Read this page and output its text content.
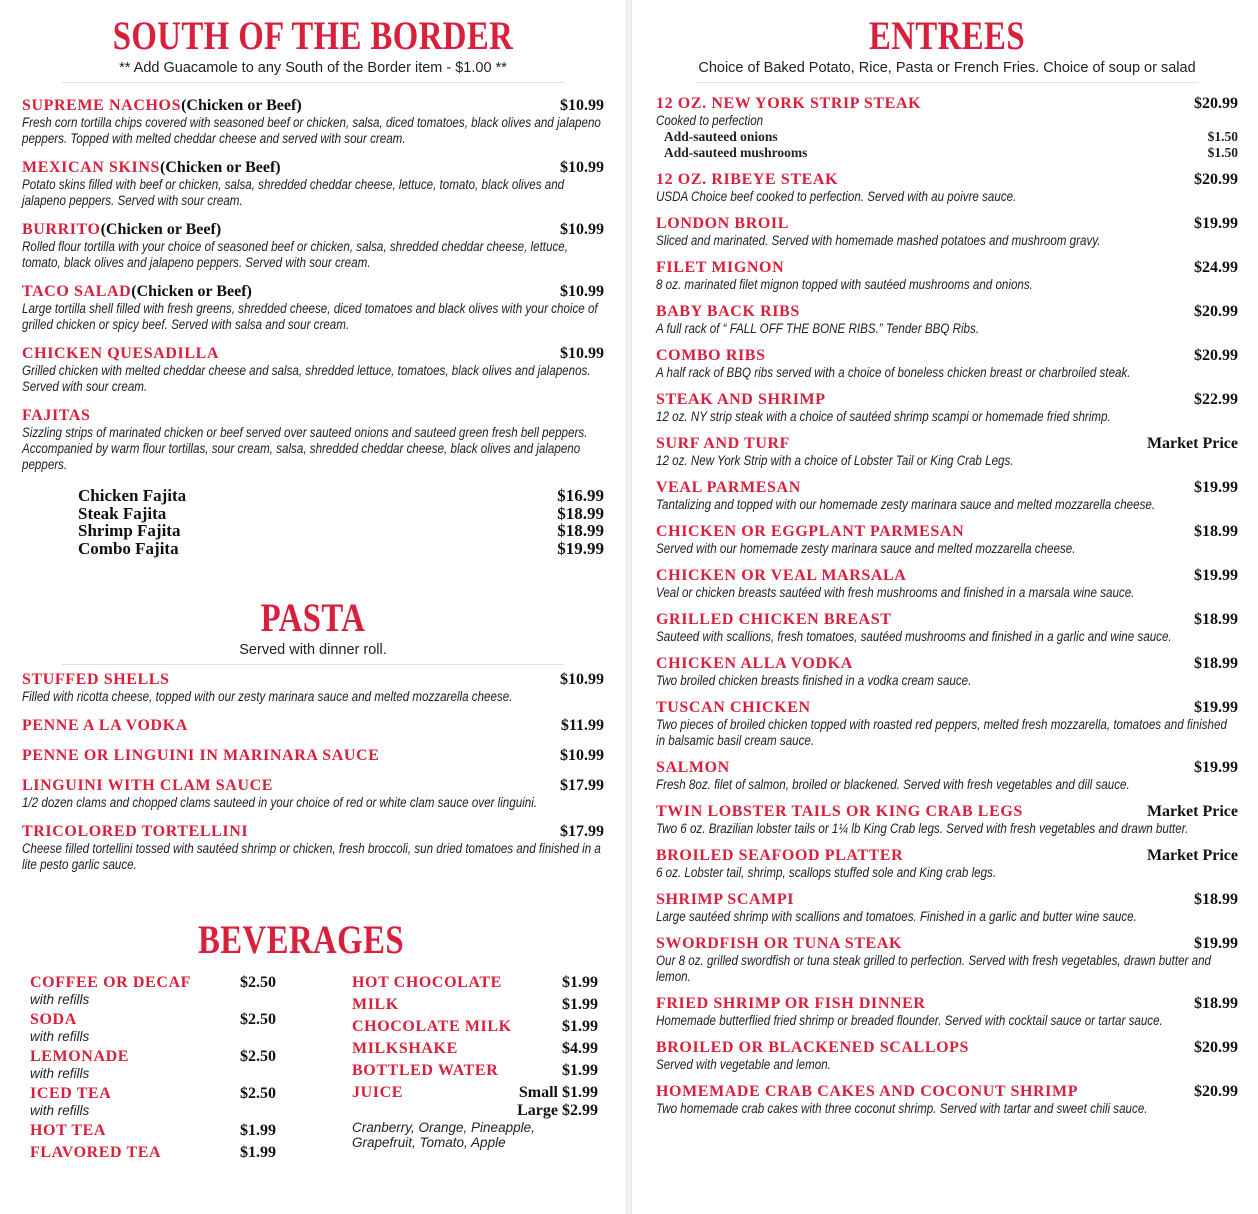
SOUTH OF THE BORDER
** Add Guacamole to any South of the Border item - $1.00 **
SUPREME NACHOS(Chicken or Beef)	$10.99
Fresh corn tortilla chips covered with seasoned beef or chicken, salsa, diced tomatoes, black olives and jalapeno peppers. Topped with melted cheddar cheese and served with sour cream.
MEXICAN SKINS(Chicken or Beef)	$10.99
Potato skins filled with beef or chicken, salsa, shredded cheddar cheese, lettuce, tomato, black olives and jalapeno peppers. Served with sour cream.
BURRITO(Chicken or Beef)	$10.99
Rolled flour tortilla with your choice of seasoned beef or chicken, salsa, shredded cheddar cheese, lettuce, tomato, black olives and jalapeno peppers. Served with sour cream.
TACO SALAD(Chicken or Beef)	$10.99
Large tortilla shell filled with fresh greens, shredded cheese, diced tomatoes and black olives with your choice of grilled chicken or spicy beef. Served with salsa and sour cream.
CHICKEN QUESADILLA	$10.99
Grilled chicken with melted cheddar cheese and salsa, shredded lettuce, tomatoes, black olives and jalapenos. Served with sour cream.
FAJITAS
Sizzling strips of marinated chicken or beef served over sauteed onions and sauteed green fresh bell peppers. Accompanied by warm flour tortillas, sour cream, salsa, shredded cheddar cheese, black olives and jalapeno peppers.
Chicken Fajita	$16.99
Steak Fajita	$18.99
Shrimp Fajita	$18.99
Combo Fajita	$19.99
PASTA
Served with dinner roll.
STUFFED SHELLS	$10.99
Filled with ricotta cheese, topped with our zesty marinara sauce and melted mozzarella cheese.
PENNE A LA VODKA	$11.99
PENNE OR LINGUINI IN MARINARA SAUCE	$10.99
LINGUINI WITH CLAM SAUCE	$17.99
1/2 dozen clams and chopped clams sauteed in your choice of red or white clam sauce over linguini.
TRICOLORED TORTELLINI	$17.99
Cheese filled tortellini tossed with sautéed shrimp or chicken, fresh broccoli, sun dried tomatoes and finished in a lite pesto garlic sauce.
BEVERAGES
COFFEE OR DECAF	$2.50
with refills
SODA	$2.50
with refills
LEMONADE	$2.50
with refills
ICED TEA	$2.50
with refills
HOT TEA	$1.99
FLAVORED TEA	$1.99
HOT CHOCOLATE	$1.99
MILK	$1.99
CHOCOLATE MILK	$1.99
MILKSHAKE	$4.99
BOTTLED WATER	$1.99
JUICE	Small $1.99
Large $2.99
Cranberry, Orange, Pineapple, Grapefruit, Tomato, Apple
ENTREES
Choice of Baked Potato, Rice, Pasta or French Fries. Choice of soup or salad
12 OZ. NEW YORK STRIP STEAK	$20.99
Cooked to perfection
Add-sauteed onions	$1.50
Add-sauteed mushrooms	$1.50
12 OZ. RIBEYE STEAK	$20.99
USDA Choice beef cooked to perfection. Served with au poivre sauce.
LONDON BROIL	$19.99
Sliced and marinated. Served with homemade mashed potatoes and mushroom gravy.
FILET MIGNON	$24.99
8 oz. marinated filet mignon topped with sautéed mushrooms and onions.
BABY BACK RIBS	$20.99
A full rack of “ FALL OFF THE BONE RIBS.” Tender BBQ Ribs.
COMBO RIBS	$20.99
A half rack of BBQ ribs served with a choice of boneless chicken breast or charbroiled steak.
STEAK AND SHRIMP	$22.99
12 oz. NY strip steak with a choice of sautéed shrimp scampi or homemade fried shrimp.
SURF AND TURF	Market Price
12 oz. New York Strip with a choice of Lobster Tail or King Crab Legs.
VEAL PARMESAN	$19.99
Tantalizing and topped with our homemade zesty marinara sauce and melted mozzarella cheese.
CHICKEN OR EGGPLANT PARMESAN	$18.99
Served with our homemade zesty marinara sauce and melted mozzarella cheese.
CHICKEN OR VEAL MARSALA	$19.99
Veal or chicken breasts sautéed with fresh mushrooms and finished in a marsala wine sauce.
GRILLED CHICKEN BREAST	$18.99
Sauteed with scallions, fresh tomatoes, sautéed mushrooms and finished in a garlic and wine sauce.
CHICKEN ALLA VODKA	$18.99
Two broiled chicken breasts finished in a vodka cream sauce.
TUSCAN CHICKEN	$19.99
Two pieces of broiled chicken topped with roasted red peppers, melted fresh mozzarella, tomatoes and finished in balsamic basil cream sauce.
SALMON	$19.99
Fresh 8oz. filet of salmon, broiled or blackened. Served with fresh vegetables and dill sauce.
TWIN LOBSTER TAILS OR KING CRAB LEGS	Market Price
Two 6 oz. Brazilian lobster tails or 1¼ lb King Crab legs. Served with fresh vegetables and drawn butter.
BROILED SEAFOOD PLATTER	Market Price
6 oz. Lobster tail, shrimp, scallops stuffed sole and King crab legs.
SHRIMP SCAMPI	$18.99
Large sautéed shrimp with scallions and tomatoes. Finished in a garlic and butter wine sauce.
SWORDFISH OR TUNA STEAK	$19.99
Our 8 oz. grilled swordfish or tuna steak grilled to perfection. Served with fresh vegetables, drawn butter and lemon.
FRIED SHRIMP OR FISH DINNER	$18.99
Homemade butterflied fried shrimp or breaded flounder. Served with cocktail sauce or tartar sauce.
BROILED OR BLACKENED SCALLOPS	$20.99
Served with vegetable and lemon.
HOMEMADE CRAB CAKES AND COCONUT SHRIMP	$20.99
Two homemade crab cakes with three coconut shrimp. Served with tartar and sweet chili sauce.
